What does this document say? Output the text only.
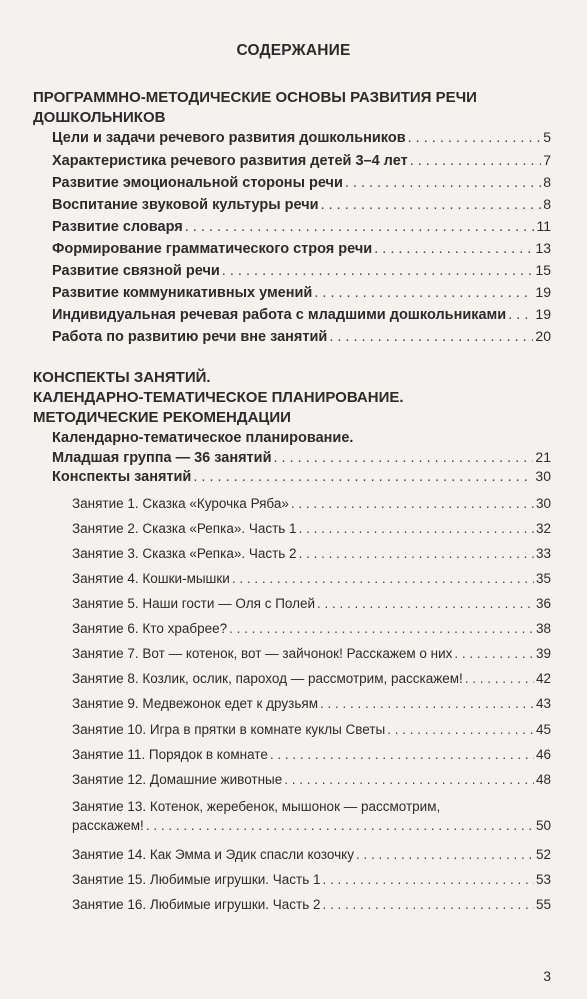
СОДЕРЖАНИЕ
ПРОГРАММНО-МЕТОДИЧЕСКИЕ ОСНОВЫ РАЗВИТИЯ РЕЧИ
ДОШКОЛЬНИКОВ
Цели и задачи речевого развития дошкольников . . .	5
Характеристика речевого развития детей 3–4 лет . . .	7
Развитие эмоциональной стороны речи . . .	8
Воспитание звуковой культуры речи . . .	8
Развитие словаря . . .	11
Формирование грамматического строя речи . . .	13
Развитие связной речи . . .	15
Развитие коммуникативных умений . . .	19
Индивидуальная речевая работа с младшими дошкольниками . . . 19
Работа по развитию речи вне занятий . . .	20
КОНСПЕКТЫ ЗАНЯТИЙ.
КАЛЕНДАРНО-ТЕМАТИЧЕСКОЕ ПЛАНИРОВАНИЕ.
МЕТОДИЧЕСКИЕ РЕКОМЕНДАЦИИ
Календарно-тематическое планирование.
Младшая группа — 36 занятий . . .	21
Конспекты занятий . . .	30
Занятие 1. Сказка «Курочка Ряба» . . .	30
Занятие 2. Сказка «Репка». Часть 1 . . .	32
Занятие 3. Сказка «Репка». Часть 2 . . .	33
Занятие 4. Кошки-мышки . . .	35
Занятие 5. Наши гости — Оля с Полей . . .	36
Занятие 6. Кто храбрее? . . .	38
Занятие 7. Вот — котенок, вот — зайчонок! Расскажем о них . . .	39
Занятие 8. Козлик, ослик, пароход — рассмотрим, расскажем! . . .	42
Занятие 9. Медвежонок едет к друзьям . . .	43
Занятие 10. Игра в прятки в комнате куклы Светы . . .	45
Занятие 11. Порядок в комнате . . .	46
Занятие 12. Домашние животные . . .	48
Занятие 13. Котенок, жеребенок, мышонок — рассмотрим,
расскажем! . . .	50
Занятие 14. Как Эмма и Эдик спасли козочку . . .	52
Занятие 15. Любимые игрушки. Часть 1 . . .	53
Занятие 16. Любимые игрушки. Часть 2 . . .	55
3
